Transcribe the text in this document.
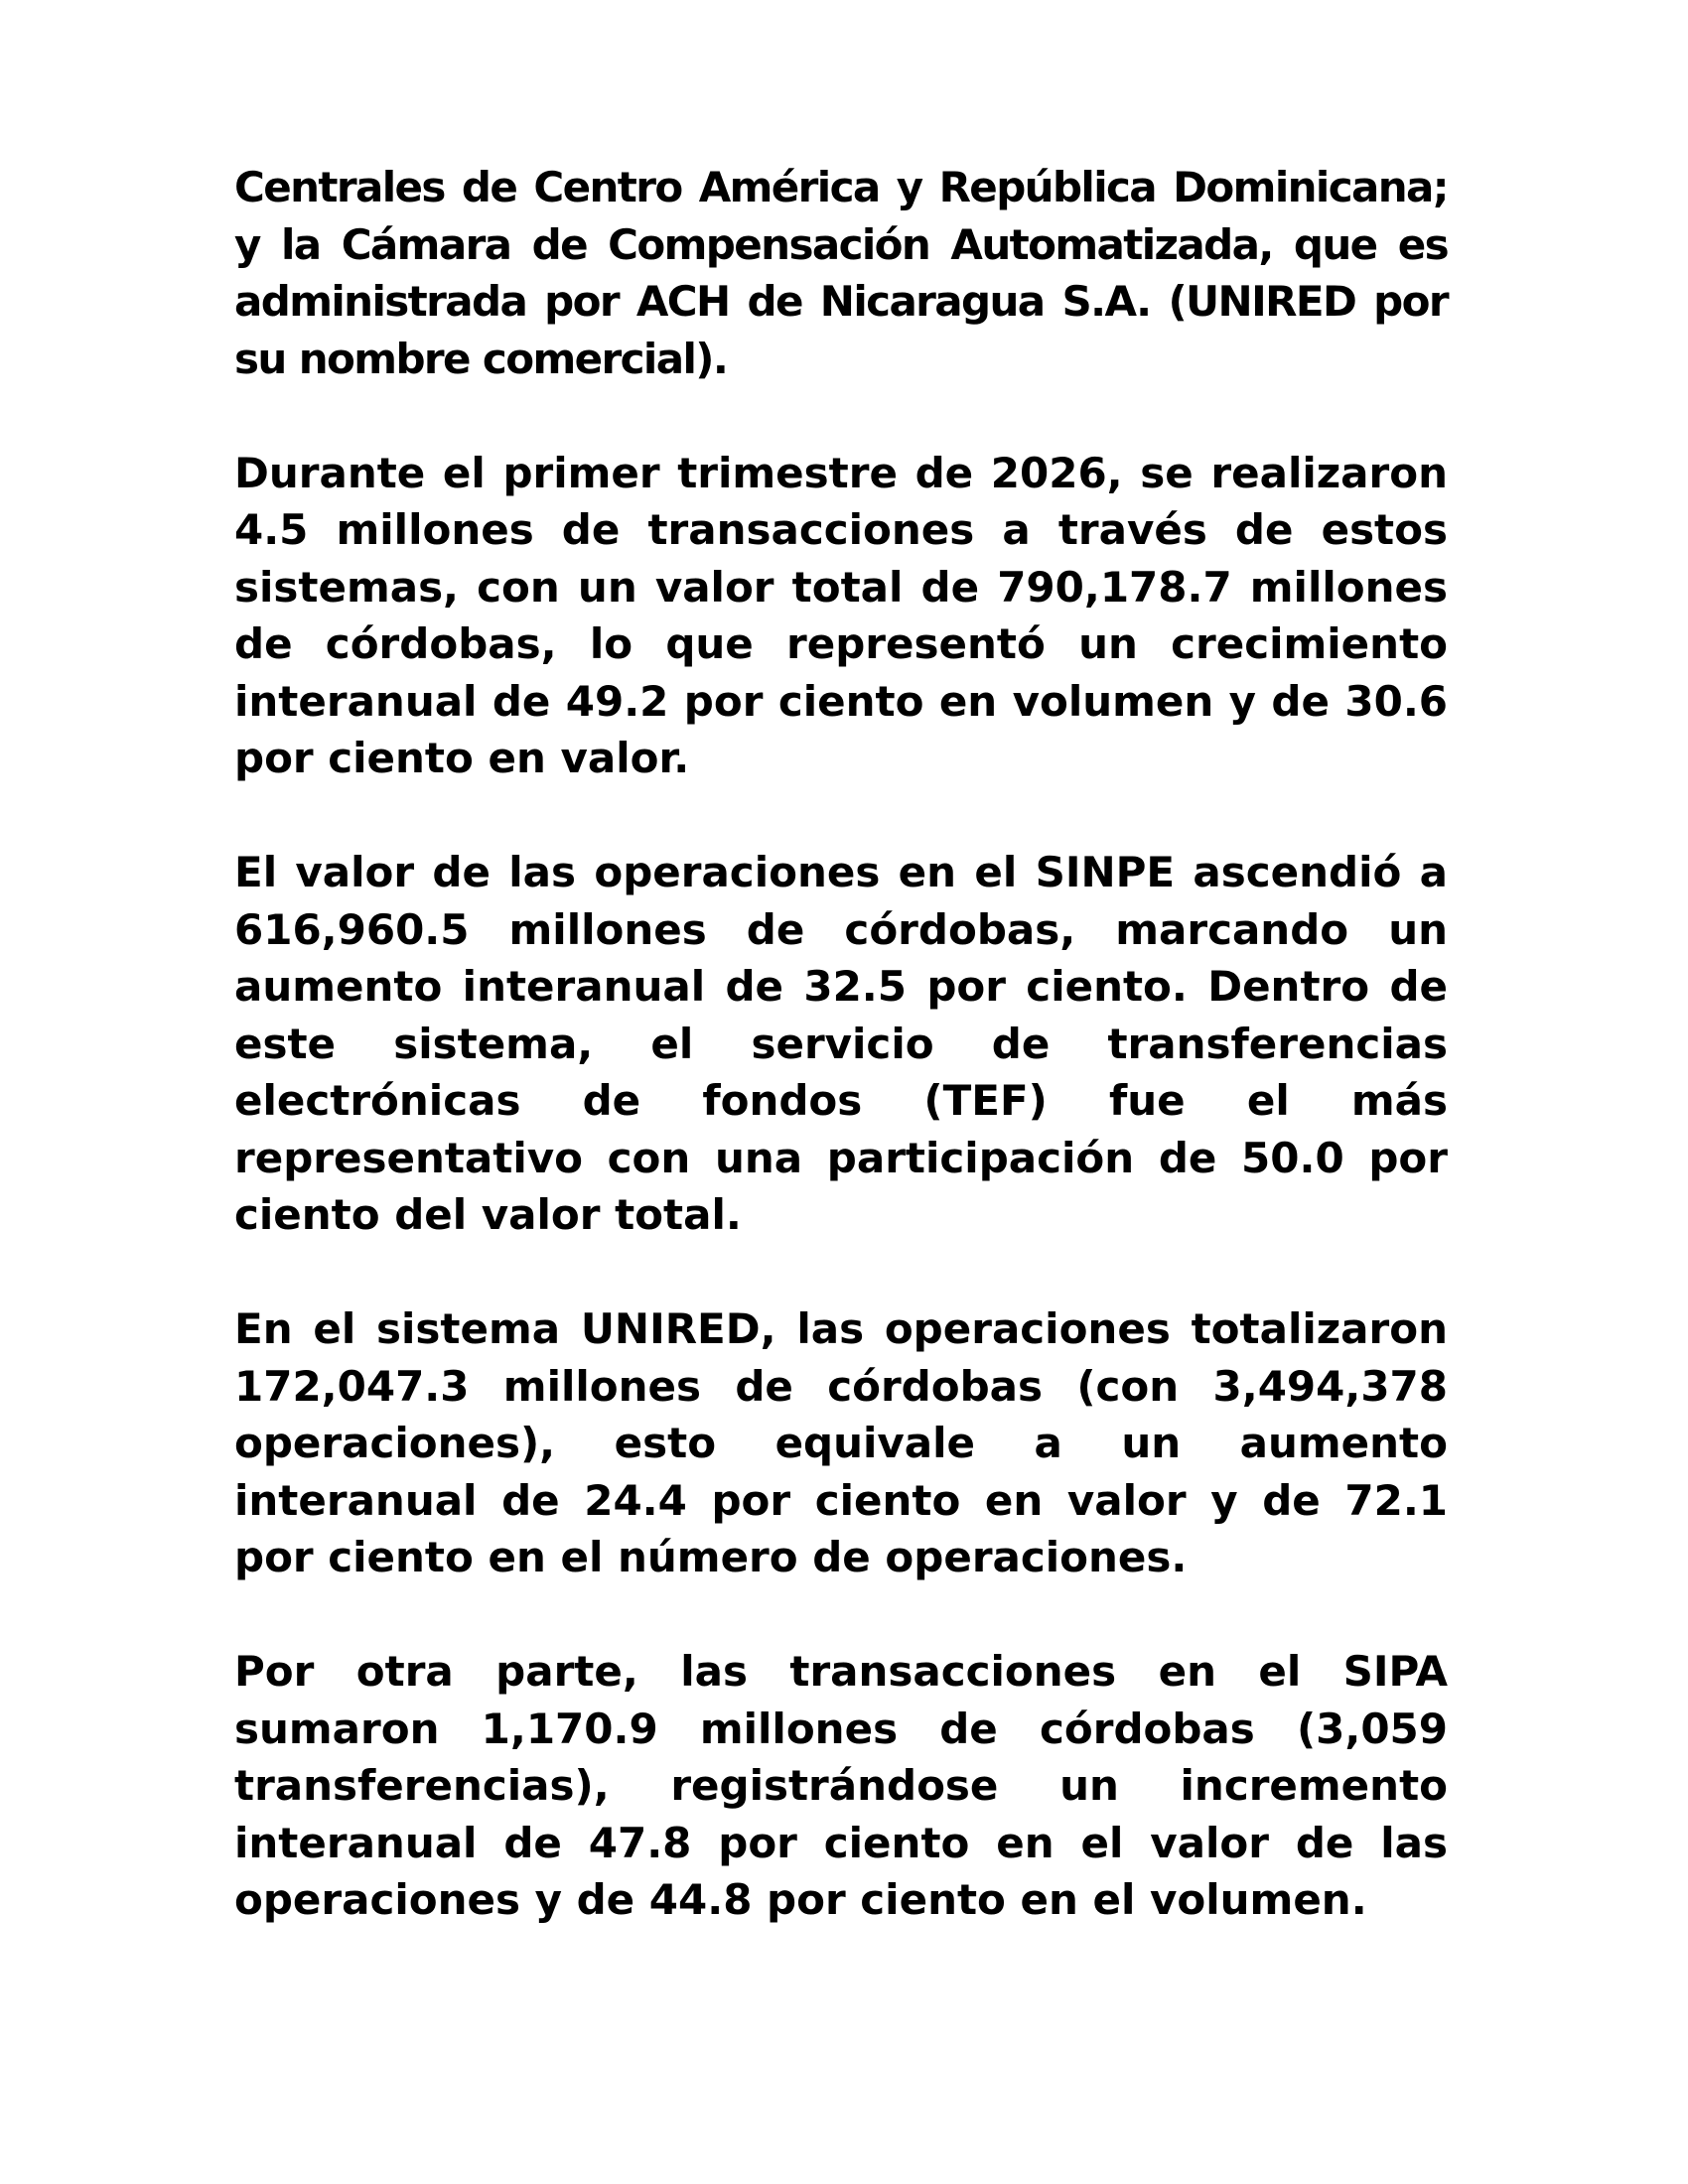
Centrales de Centro América y República Dominicana; y la Cámara de Compensación Automatizada, que es administrada por ACH de Nicaragua S.A. (UNIRED por su nombre comercial).

Durante el primer trimestre de 2026, se realizaron 4.5 millones de transacciones a través de estos sistemas, con un valor total de 790,178.7 millones de córdobas, lo que representó un crecimiento interanual de 49.2 por ciento en volumen y de 30.6 por ciento en valor.

El valor de las operaciones en el SINPE ascendió a 616,960.5 millones de córdobas, marcando un aumento interanual de 32.5 por ciento. Dentro de este sistema, el servicio de transferencias electrónicas de fondos (TEF) fue el más representativo con una participación de 50.0 por ciento del valor total.

En el sistema UNIRED, las operaciones totalizaron 172,047.3 millones de córdobas (con 3,494,378 operaciones), esto equivale a un aumento interanual de 24.4 por ciento en valor y de 72.1 por ciento en el número de operaciones.

Por otra parte, las transacciones en el SIPA sumaron 1,170.9 millones de córdobas (3,059 transferencias), registrándose un incremento interanual de 47.8 por ciento en el valor de las operaciones y de 44.8 por ciento en el volumen.
